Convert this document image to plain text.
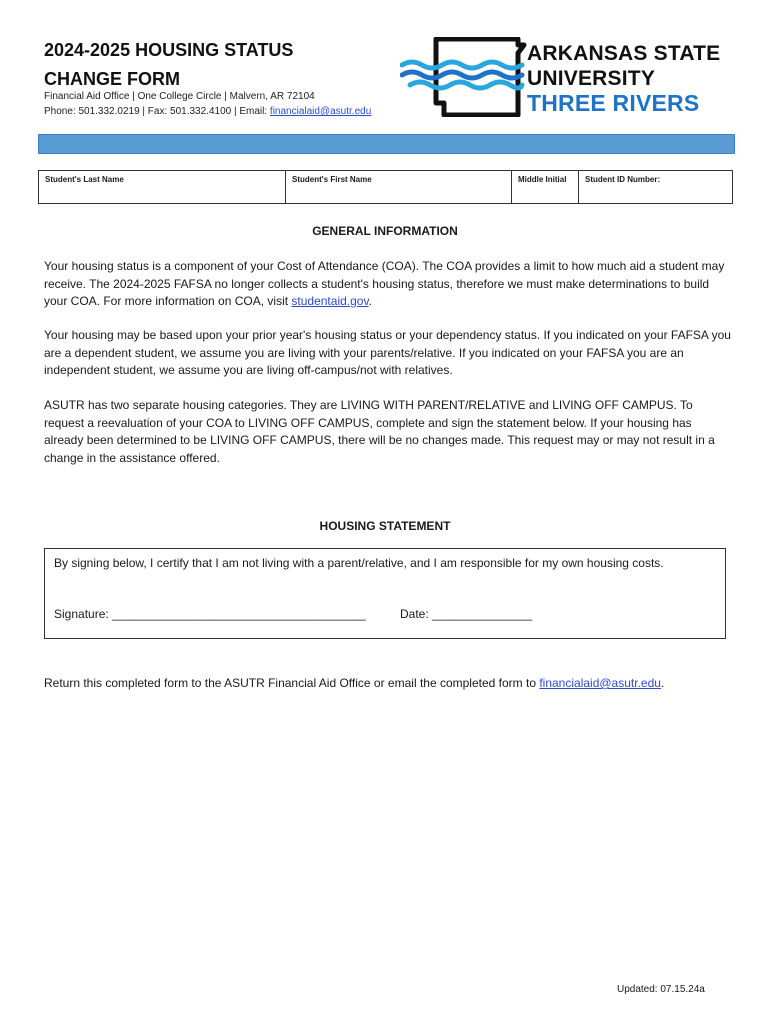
2024-2025 HOUSING STATUS
CHANGE FORM
Financial Aid Office | One College Circle | Malvern, AR 72104
Phone: 501.332.0219 | Fax: 501.332.4100 | Email: financialaid@asutr.edu
ARKANSAS STATE
UNIVERSITY
THREE RIVERS
Student's Last Name	Student's First Name	Middle Initial	Student ID Number:
GENERAL INFORMATION
Your housing status is a component of your Cost of Attendance (COA). The COA provides a limit to how much aid a student may receive. The 2024-2025 FAFSA no longer collects a student's housing status, therefore we must make determinations to build your COA. For more information on COA, visit studentaid.gov.
Your housing may be based upon your prior year's housing status or your dependency status. If you indicated on your FAFSA you are a dependent student, we assume you are living with your parents/relative. If you indicated on your FAFSA you are an independent student, we assume you are living off-campus/not with relatives.
ASUTR has two separate housing categories. They are LIVING WITH PARENT/RELATIVE and LIVING OFF CAMPUS. To request a reevaluation of your COA to LIVING OFF CAMPUS, complete and sign the statement below. If your housing has already been determined to be LIVING OFF CAMPUS, there will be no changes made. This request may or may not result in a change in the assistance offered.
HOUSING STATEMENT
By signing below, I certify that I am not living with a parent/relative, and I am responsible for my own housing costs.
Signature: ______________________________________	Date: _______________
Return this completed form to the ASUTR Financial Aid Office or email the completed form to financialaid@asutr.edu.
Updated: 07.15.24a
